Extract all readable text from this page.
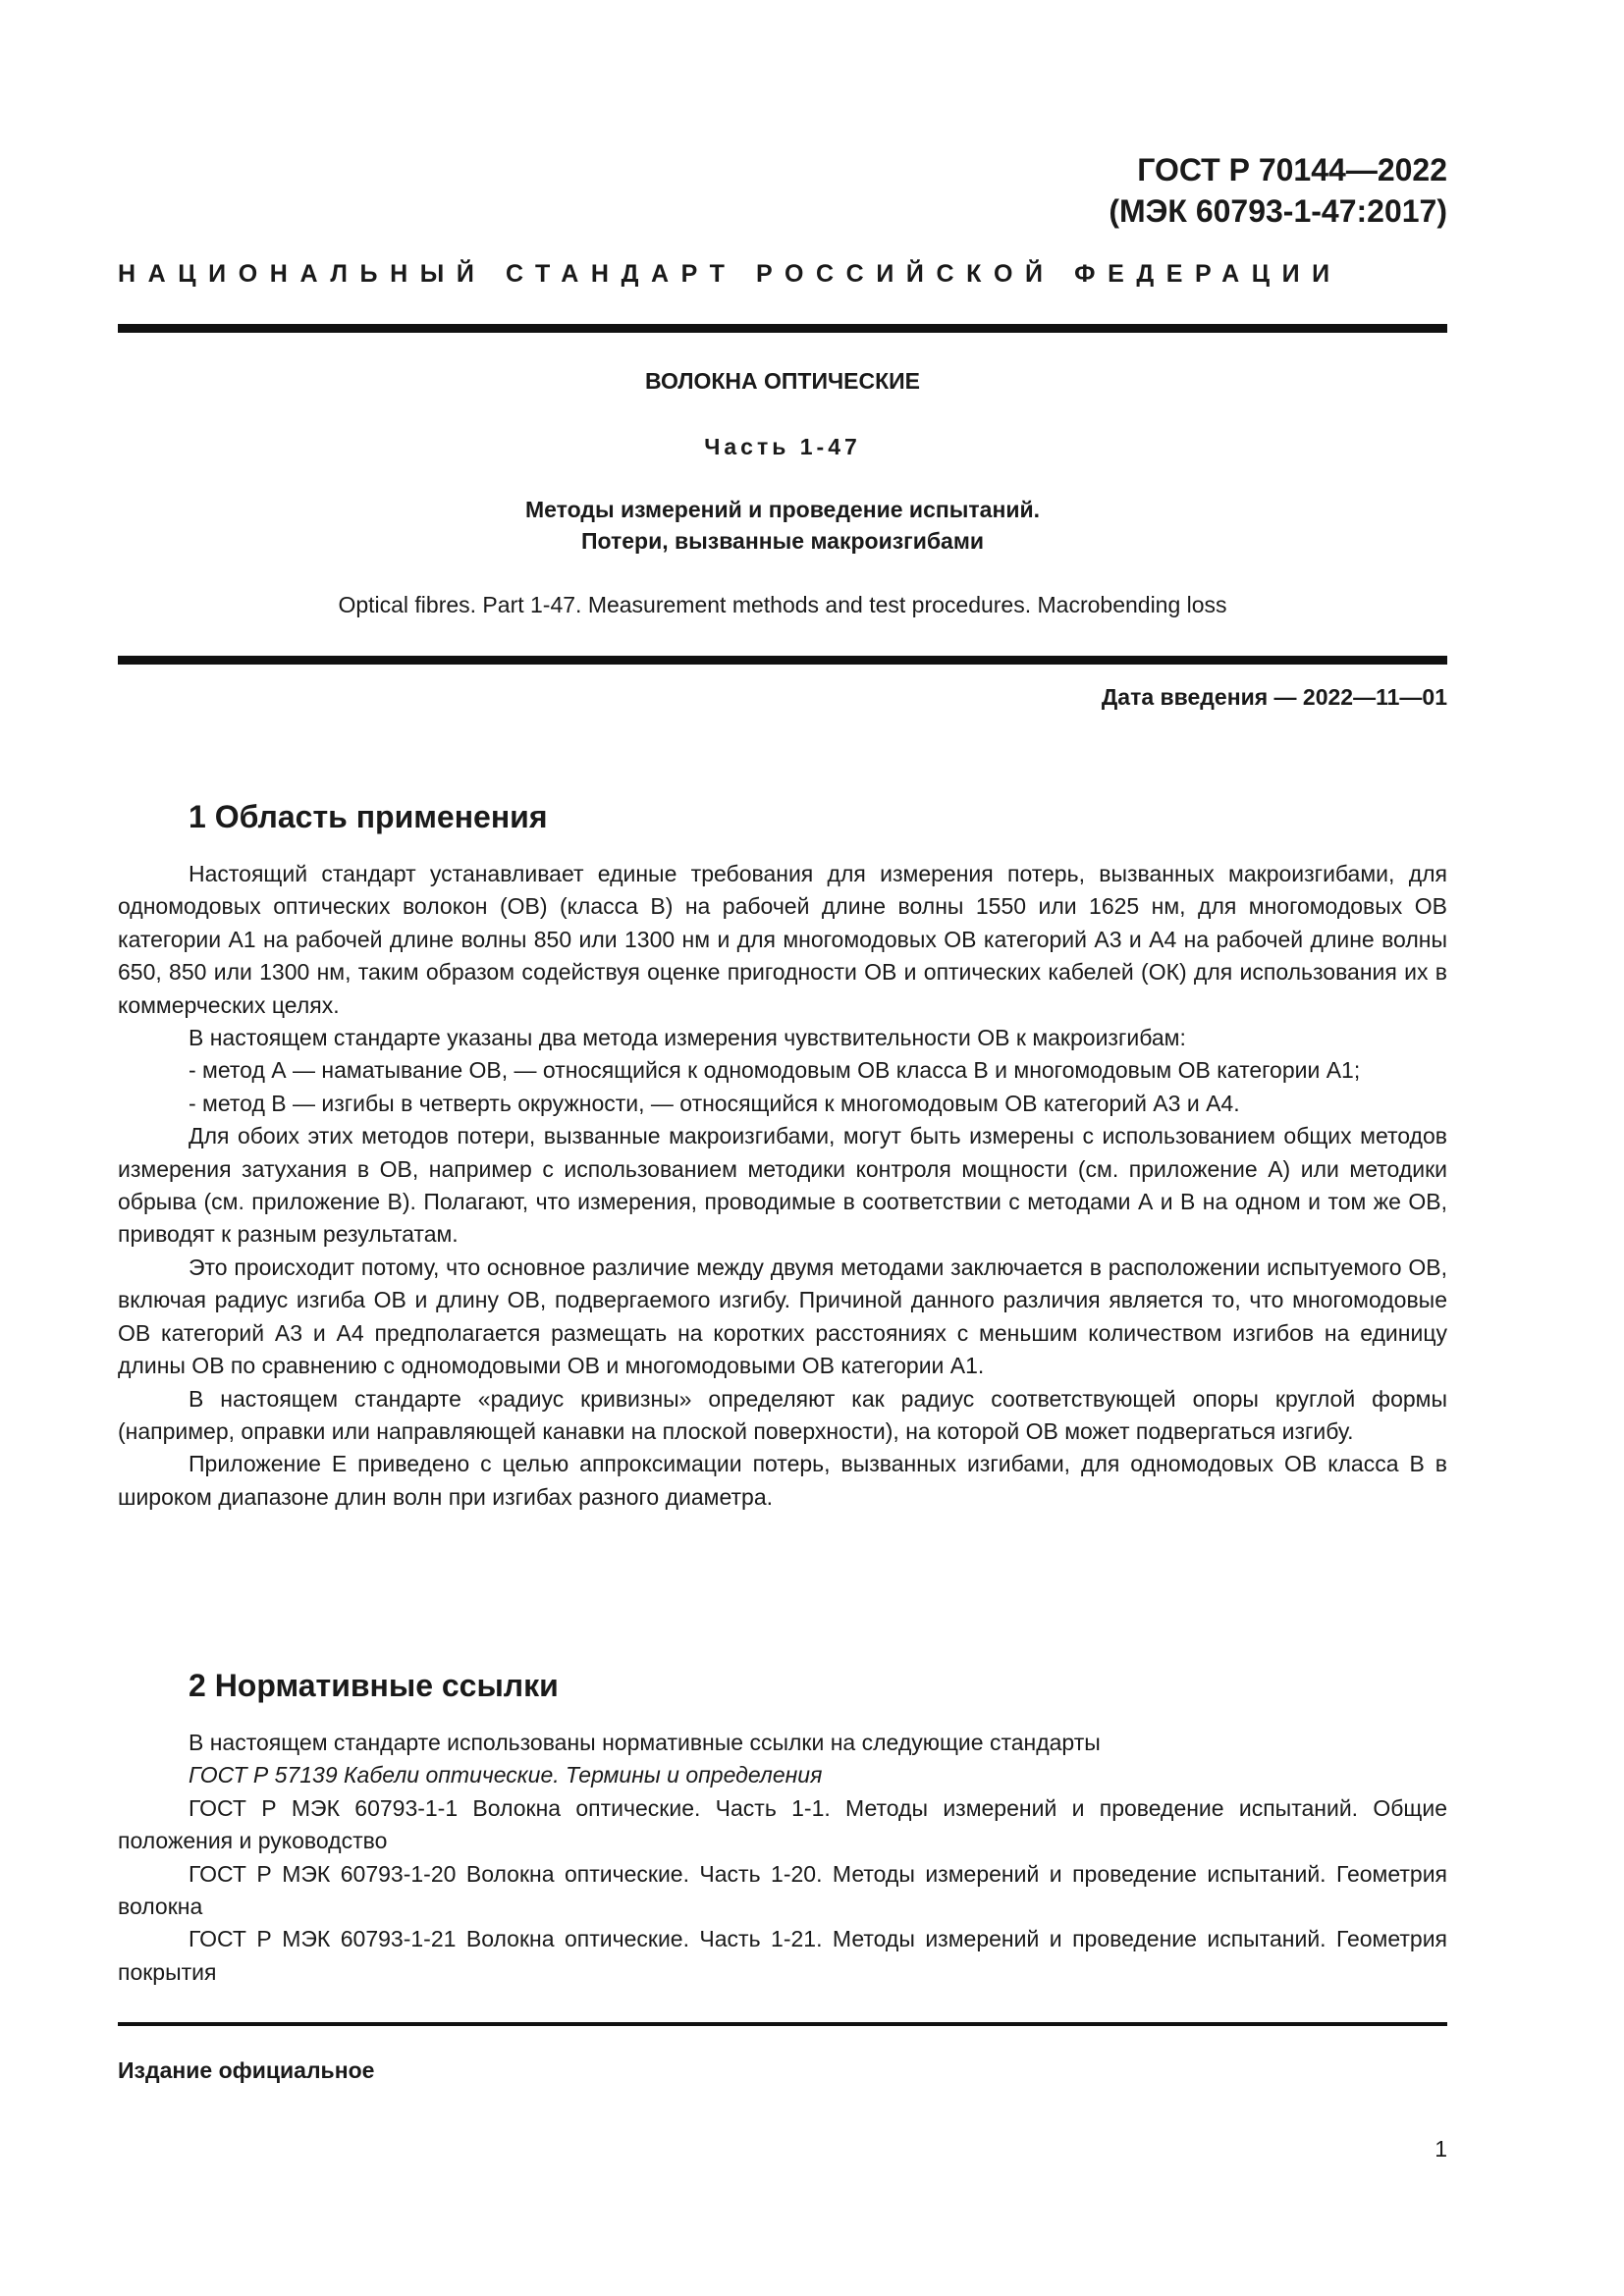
ГОСТ Р 70144—2022
(МЭК 60793-1-47:2017)
НАЦИОНАЛЬНЫЙ СТАНДАРТ РОССИЙСКОЙ ФЕДЕРАЦИИ
ВОЛОКНА ОПТИЧЕСКИЕ
Часть 1-47
Методы измерений и проведение испытаний.
Потери, вызванные макроизгибами
Optical fibres. Part 1-47. Measurement methods and test procedures. Macrobending loss
Дата введения — 2022—11—01
1 Область применения

Настоящий стандарт устанавливает единые требования для измерения потерь, вызванных макроизгибами, для одномодовых оптических волокон (ОВ) (класса В) на рабочей длине волны 1550 или 1625 нм, для многомодовых ОВ категории А1 на рабочей длине волны 850 или 1300 нм и для многомодовых ОВ категорий А3 и А4 на рабочей длине волны 650, 850 или 1300 нм, таким образом содействуя оценке пригодности ОВ и оптических кабелей (ОК) для использования их в коммерческих целях.

В настоящем стандарте указаны два метода измерения чувствительности ОВ к макроизгибам:

- метод А — наматывание ОВ, — относящийся к одномодовым ОВ класса В и многомодовым ОВ категории А1;

- метод В — изгибы в четверть окружности, — относящийся к многомодовым ОВ категорий А3 и А4.

Для обоих этих методов потери, вызванные макроизгибами, могут быть измерены с использованием общих методов измерения затухания в ОВ, например с использованием методики контроля мощности (см. приложение А) или методики обрыва (см. приложение В). Полагают, что измерения, проводимые в соответствии с методами А и В на одном и том же ОВ, приводят к разным результатам.

Это происходит потому, что основное различие между двумя методами заключается в расположении испытуемого ОВ, включая радиус изгиба ОВ и длину ОВ, подвергаемого изгибу. Причиной данного различия является то, что многомодовые ОВ категорий А3 и А4 предполагается размещать на коротких расстояниях с меньшим количеством изгибов на единицу длины ОВ по сравнению с одномодовыми ОВ и многомодовыми ОВ категории А1.

В настоящем стандарте «радиус кривизны» определяют как радиус соответствующей опоры круглой формы (например, оправки или направляющей канавки на плоской поверхности), на которой ОВ может подвергаться изгибу.

Приложение Е приведено с целью аппроксимации потерь, вызванных изгибами, для одномодовых ОВ класса В в широком диапазоне длин волн при изгибах разного диаметра.

2 Нормативные ссылки

В настоящем стандарте использованы нормативные ссылки на следующие стандарты

ГОСТ Р 57139 Кабели оптические. Термины и определения

ГОСТ Р МЭК 60793-1-1 Волокна оптические. Часть 1-1. Методы измерений и проведение испытаний. Общие положения и руководство

ГОСТ Р МЭК 60793-1-20 Волокна оптические. Часть 1-20. Методы измерений и проведение испытаний. Геометрия волокна

ГОСТ Р МЭК 60793-1-21 Волокна оптические. Часть 1-21. Методы измерений и проведение испытаний. Геометрия покрытия

Издание официальное
1
